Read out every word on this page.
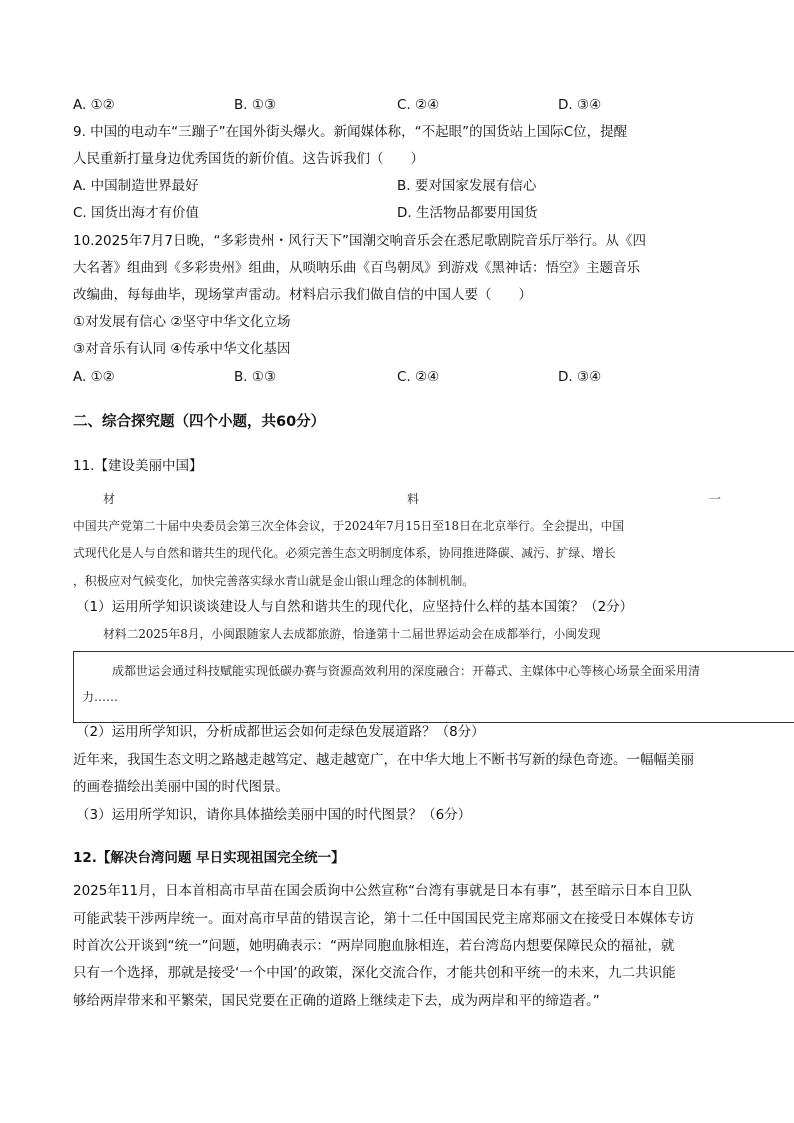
A. ①②	B. ①③	C. ②④	D. ③④
9. 中国的电动车“三蹦子”在国外街头爆火。新闻媒体称，“不起眼”的国货站上国际C位，提醒
人民重新打量身边优秀国货的新价值。这告诉我们（　　）
A. 中国制造世界最好	B. 要对国家发展有信心
C. 国货出海才有价值	D. 生活物品都要用国货
10.2025年7月7日晚，“多彩贵州・风行天下”国潮交响音乐会在悉尼歌剧院音乐厅举行。从《四
大名著》组曲到《多彩贵州》组曲，从唢呐乐曲《百鸟朝凤》到游戏《黑神话：悟空》主题音乐
改编曲，每每曲毕，现场掌声雷动。材料启示我们做自信的中国人要（　　）
①对发展有信心 ②坚守中华文化立场
③对音乐有认同 ④传承中华文化基因
A. ①②	B. ①③	C. ②④	D. ③④
二、综合探究题（四个小题，共60分）
11.【建设美丽中国】
材	料	一
中国共产党第二十届中央委员会第三次全体会议，于2024年7月15日至18日在北京举行。全会提出，中国
式现代化是人与自然和谐共生的现代化。必须完善生态文明制度体系，协同推进降碳、减污、扩绿、增长
，积极应对气候变化，加快完善落实绿水青山就是金山银山理念的体制机制。
（1）运用所学知识谈谈建设人与自然和谐共生的现代化，应坚持什么样的基本国策？（2分）
材料二2025年8月，小闽跟随家人去成都旅游，恰逢第十二届世界运动会在成都举行，小闽发现
成都世运会通过科技赋能实现低碳办赛与资源高效利用的深度融合：开幕式、主媒体中心等核心场景全面采用清
力……
（2）运用所学知识，分析成都世运会如何走绿色发展道路？（8分）
近年来，我国生态文明之路越走越笃定、越走越宽广，在中华大地上不断书写新的绿色奇迹。一幅幅美丽
的画卷描绘出美丽中国的时代图景。
（3）运用所学知识，请你具体描绘美丽中国的时代图景？（6分）
12.【解决台湾问题 早日实现祖国完全统一】
2025年11月，日本首相高市早苗在国会质询中公然宣称“台湾有事就是日本有事”，甚至暗示日本自卫队
可能武装干涉两岸统一。面对高市早苗的错误言论，第十二任中国国民党主席郑丽文在接受日本媒体专访
时首次公开谈到“统一”问题，她明确表示：“两岸同胞血脉相连，若台湾岛内想要保障民众的福祉，就
只有一个选择，那就是接受‘一个中国’的政策，深化交流合作，才能共创和平统一的未来，九二共识能
够给两岸带来和平繁荣，国民党要在正确的道路上继续走下去，成为两岸和平的缔造者。”
